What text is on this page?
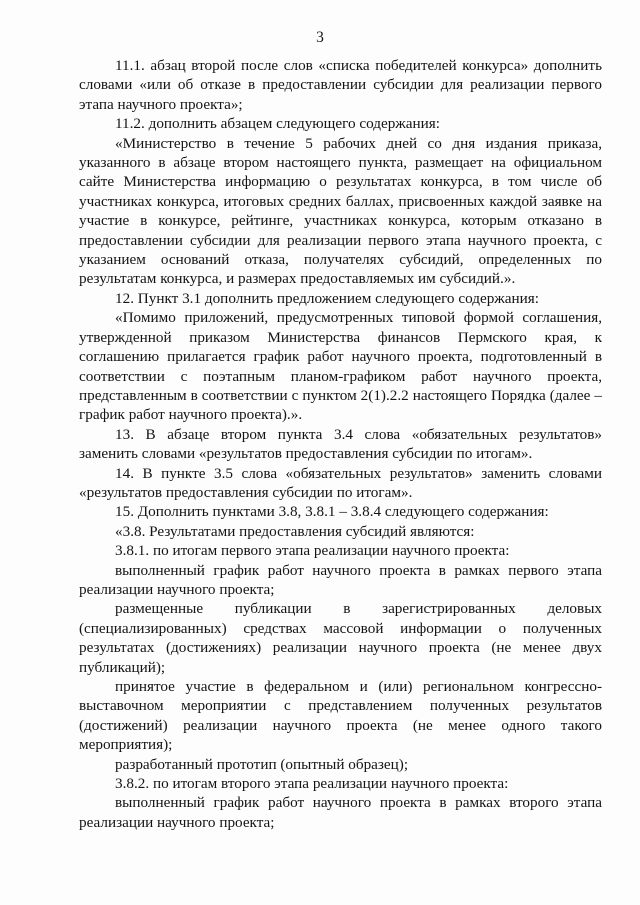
3

11.1. абзац второй после слов «списка победителей конкурса» дополнить словами «или об отказе в предоставлении субсидии для реализации первого этапа научного проекта»;

11.2. дополнить абзацем следующего содержания:

«Министерство в течение 5 рабочих дней со дня издания приказа, указанного в абзаце втором настоящего пункта, размещает на официальном сайте Министерства информацию о результатах конкурса, в том числе об участниках конкурса, итоговых средних баллах, присвоенных каждой заявке на участие в конкурсе, рейтинге, участниках конкурса, которым отказано в предоставлении субсидии для реализации первого этапа научного проекта, с указанием оснований отказа, получателях субсидий, определенных по результатам конкурса, и размерах предоставляемых им субсидий.».

12. Пункт 3.1 дополнить предложением следующего содержания:

«Помимо приложений, предусмотренных типовой формой соглашения, утвержденной приказом Министерства финансов Пермского края, к соглашению прилагается график работ научного проекта, подготовленный в соответствии с поэтапным планом-графиком работ научного проекта, представленным в соответствии с пунктом 2(1).2.2 настоящего Порядка (далее – график работ научного проекта).».

13. В абзаце втором пункта 3.4 слова «обязательных результатов» заменить словами «результатов предоставления субсидии по итогам».

14. В пункте 3.5 слова «обязательных результатов» заменить словами «результатов предоставления субсидии по итогам».

15. Дополнить пунктами 3.8, 3.8.1 – 3.8.4 следующего содержания:

«3.8. Результатами предоставления субсидий являются:

3.8.1. по итогам первого этапа реализации научного проекта:

выполненный график работ научного проекта в рамках первого этапа реализации научного проекта;

размещенные публикации в зарегистрированных деловых (специализированных) средствах массовой информации о полученных результатах (достижениях) реализации научного проекта (не менее двух публикаций);

принятое участие в федеральном и (или) региональном конгрессно-выставочном мероприятии с представлением полученных результатов (достижений) реализации научного проекта (не менее одного такого мероприятия);

разработанный прототип (опытный образец);

3.8.2. по итогам второго этапа реализации научного проекта:

выполненный график работ научного проекта в рамках второго этапа реализации научного проекта;
